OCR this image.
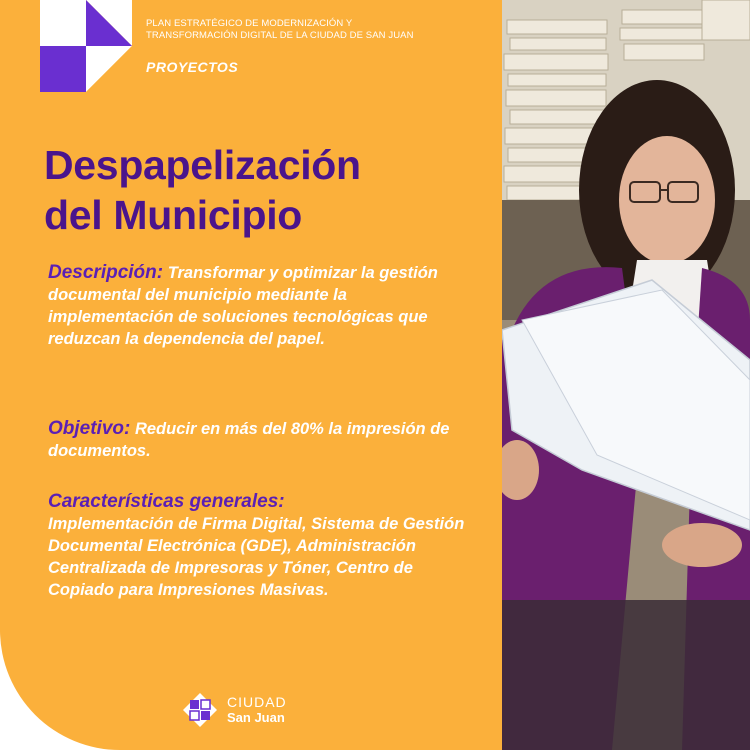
PLAN ESTRATÉGICO DE MODERNIZACIÓN Y
TRANSFORMACIÓN DIGITAL DE LA CIUDAD DE SAN JUAN
PROYECTOS
Despapelización
del Municipio
Descripción: Transformar y optimizar la gestión documental del municipio mediante la implementación de soluciones tecnológicas que reduzcan la dependencia del papel.
Objetivo: Reducir en más del 80% la impresión de documentos.
Características generales:
Implementación de Firma Digital, Sistema de Gestión Documental Electrónica (GDE), Administración Centralizada de Impresoras y Tóner, Centro de Copiado para Impresiones Masivas.
CIUDAD
San Juan
